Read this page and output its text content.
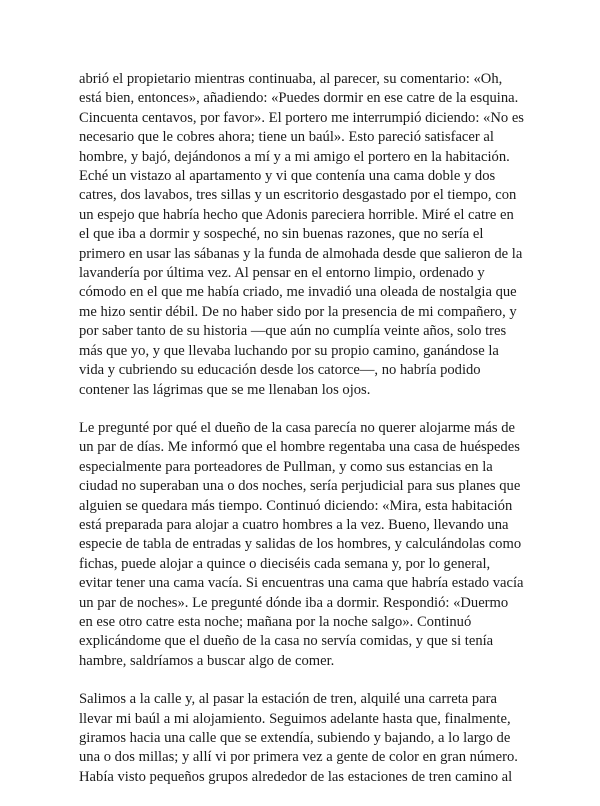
abrió el propietario mientras continuaba, al parecer, su comentario: «Oh,
está bien, entonces», añadiendo: «Puedes dormir en ese catre de la esquina.
Cincuenta centavos, por favor». El portero me interrumpió diciendo: «No es
necesario que le cobres ahora; tiene un baúl». Esto pareció satisfacer al
hombre, y bajó, dejándonos a mí y a mi amigo el portero en la habitación.
Eché un vistazo al apartamento y vi que contenía una cama doble y dos
catres, dos lavabos, tres sillas y un escritorio desgastado por el tiempo, con
un espejo que habría hecho que Adonis pareciera horrible. Miré el catre en
el que iba a dormir y sospeché, no sin buenas razones, que no sería el
primero en usar las sábanas y la funda de almohada desde que salieron de la
lavandería por última vez. Al pensar en el entorno limpio, ordenado y
cómodo en el que me había criado, me invadió una oleada de nostalgia que
me hizo sentir débil. De no haber sido por la presencia de mi compañero, y
por saber tanto de su historia —que aún no cumplía veinte años, solo tres
más que yo, y que llevaba luchando por su propio camino, ganándose la
vida y cubriendo su educación desde los catorce—, no habría podido
contener las lágrimas que se me llenaban los ojos.

Le pregunté por qué el dueño de la casa parecía no querer alojarme más de
un par de días. Me informó que el hombre regentaba una casa de huéspedes
especialmente para porteadores de Pullman, y como sus estancias en la
ciudad no superaban una o dos noches, sería perjudicial para sus planes que
alguien se quedara más tiempo. Continuó diciendo: «Mira, esta habitación
está preparada para alojar a cuatro hombres a la vez. Bueno, llevando una
especie de tabla de entradas y salidas de los hombres, y calculándolas como
fichas, puede alojar a quince o dieciséis cada semana y, por lo general,
evitar tener una cama vacía. Si encuentras una cama que habría estado vacía
un par de noches». Le pregunté dónde iba a dormir. Respondió: «Duermo
en ese otro catre esta noche; mañana por la noche salgo». Continuó
explicándome que el dueño de la casa no servía comidas, y que si tenía
hambre, saldríamos a buscar algo de comer.

Salimos a la calle y, al pasar la estación de tren, alquilé una carreta para
llevar mi baúl a mi alojamiento. Seguimos adelante hasta que, finalmente,
giramos hacia una calle que se extendía, subiendo y bajando, a lo largo de
una o dos millas; y allí vi por primera vez a gente de color en gran número.
Había visto pequeños grupos alrededor de las estaciones de tren camino al
